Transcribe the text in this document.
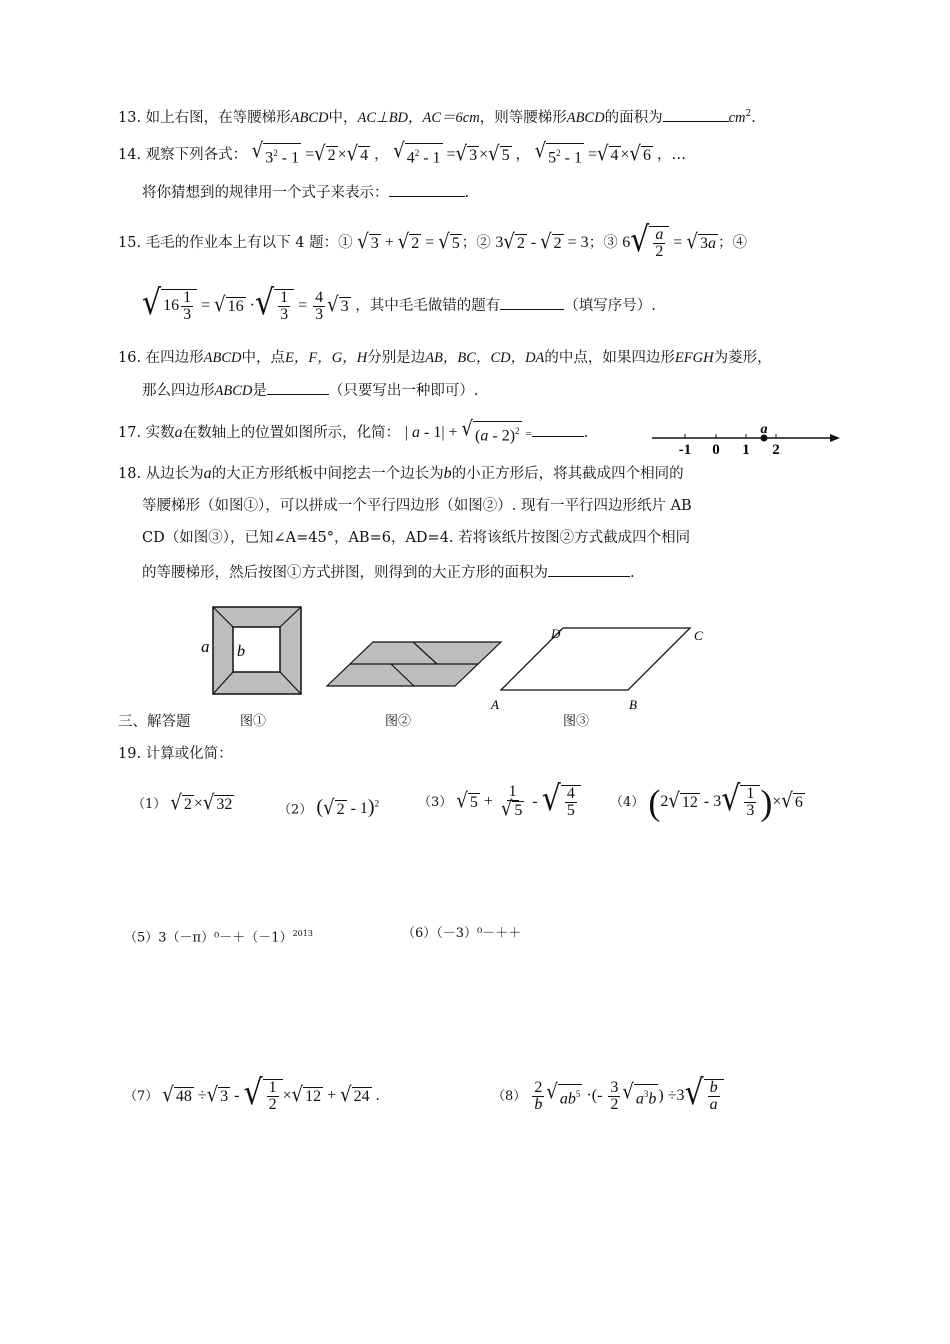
13. 如上右图，在等腰梯形ABCD中，AC⊥BD，AC＝6cm，则等腰梯形ABCD的面积为	$cm^2$.
14. 观察下列各式： √ $3^2 - 1$ = √ 2 × √ 4 ， √ $4^2 - 1$ = √ 3 × √ 5 ， √ $5^2 - 1$ = √ 4 × √ 6 ，…
将你猜想到的规律用一个式子来表示：	.
15. 毛毛的作业本上有以下 4 题：① √ 3 + √ 2 = √ 5 ；② 3 √ 2 - √ 2 = 3；③ 6 √ $\frac{a}{2}$ = √ 3a ；④
√ $16 \frac{1}{3}$ = √ 16 · √ $\frac{1}{3} = \frac{4}{3}$ √ 3 ，其中毛毛做错的题有	（填写序号）.
16. 在四边形ABCD中，点E，F，G，H分别是边AB，BC，CD，DA的中点，如果四边形EFGH为菱形，
那么四边形ABCD是	（只要写出一种即可）.
17. 实数a在数轴上的位置如图所示，化简： | a - 1| + √ (a - 2)$^2$ =	.	a
-1 0 1 2
18. 从边长为a的大正方形纸板中间挖去一个边长为b的小正方形后，将其截成四个相同的
等腰梯形（如图①），可以拼成一个平行四边形（如图②）. 现有一平行四边形纸片 AB
CD（如图③），已知∠A=45°，AB=6，AD=4. 若将该纸片按图②方式截成四个相同
的等腰梯形，然后按图①方式拼图，则得到的大正方形的面积为	.
a b
D	C
A	B
三、解答题	图①	图②	图③
19. 计算或化简：
（1） √ 2 × √ 32	（2） ( √ 2 - 1)$^2$	（3） √ $5 + \frac{1}{√ 5}$ - √ $\frac{4}{5}$	（4） (2 √ 12 - 3 √ $\frac{1}{3}$ )× √ 6
$(5)3(-\pi)^0-+(-1)^{2013}$	（6）（－3）⁰－＋＋
（7） √ 48 ÷ √ 3 - √ $\frac{1}{2}$ × √ 12 + √ 24 .	$(8) \frac{2}{b}$ √ $ab^5$ ·(- $\frac{3}{2}$ √ $a^3b$ ) ÷3 √ $\frac{b}{a}$
